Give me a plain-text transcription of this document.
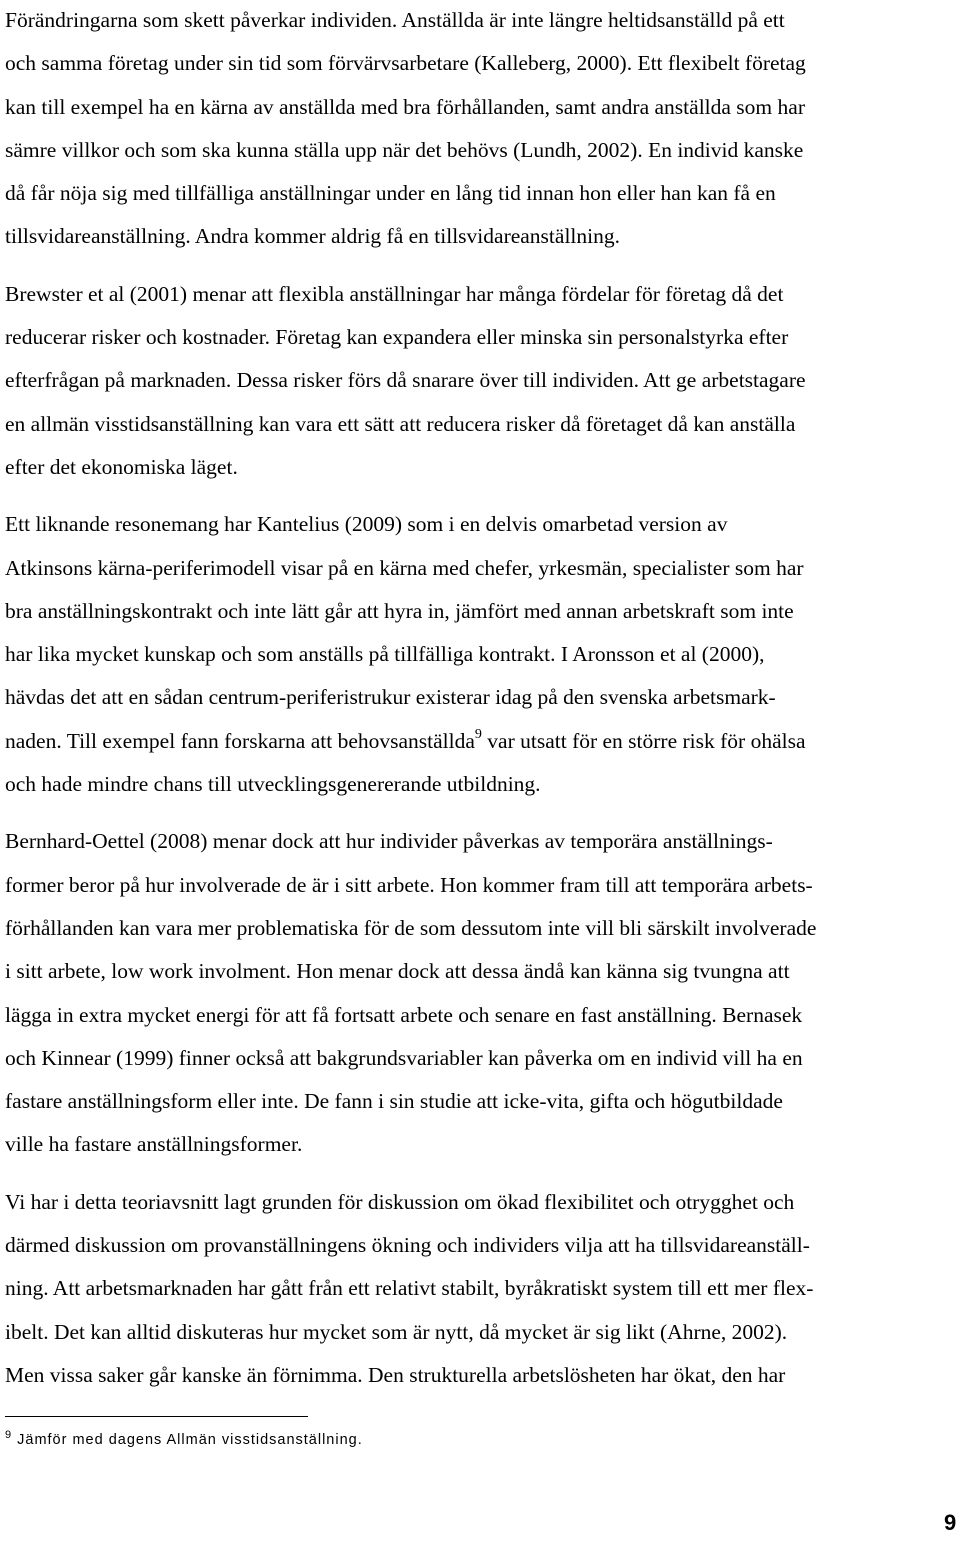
Förändringarna som skett påverkar individen. Anställda är inte längre heltidsanställd på ett
och samma företag under sin tid som förvärvsarbetare (Kalleberg, 2000). Ett flexibelt företag
kan till exempel ha en kärna av anställda med bra förhållanden, samt andra anställda som har
sämre villkor och som ska kunna ställa upp när det behövs (Lundh, 2002). En individ kanske
då får nöja sig med tillfälliga anställningar under en lång tid innan hon eller han kan få en
tillsvidareanställning. Andra kommer aldrig få en tillsvidareanställning.
Brewster et al (2001) menar att flexibla anställningar har många fördelar för företag då det
reducerar risker och kostnader. Företag kan expandera eller minska sin personalstyrka efter
efterfrågan på marknaden. Dessa risker förs då snarare över till individen. Att ge arbetstagare
en allmän visstidsanställning kan vara ett sätt att reducera risker då företaget då kan anställa
efter det ekonomiska läget.
Ett liknande resonemang har Kantelius (2009) som i en delvis omarbetad version av
Atkinsons kärna-periferimodell visar på en kärna med chefer, yrkesmän, specialister som har
bra anställningskontrakt och inte lätt går att hyra in, jämfört med annan arbetskraft som inte
har lika mycket kunskap och som anställs på tillfälliga kontrakt. I Aronsson et al (2000),
hävdas det att en sådan centrum-periferistrukur existerar idag på den svenska arbetsmark-
naden. Till exempel fann forskarna att behovsanställda$^9$ var utsatt för en större risk för ohälsa
och hade mindre chans till utvecklingsgenererande utbildning.
Bernhard-Oettel (2008) menar dock att hur individer påverkas av temporära anställnings-
former beror på hur involverade de är i sitt arbete. Hon kommer fram till att temporära arbets-
förhållanden kan vara mer problematiska för de som dessutom inte vill bli särskilt involverade
i sitt arbete, low work involment. Hon menar dock att dessa ändå kan känna sig tvungna att
lägga in extra mycket energi för att få fortsatt arbete och senare en fast anställning. Bernasek
och Kinnear (1999) finner också att bakgrundsvariabler kan påverka om en individ vill ha en
fastare anställningsform eller inte. De fann i sin studie att icke-vita, gifta och högutbildade
ville ha fastare anställningsformer.
Vi har i detta teoriavsnitt lagt grunden för diskussion om ökad flexibilitet och otrygghet och
därmed diskussion om provanställningens ökning och individers vilja att ha tillsvidareanställ-
ning. Att arbetsmarknaden har gått från ett relativt stabilt, byråkratiskt system till ett mer flex-
ibelt. Det kan alltid diskuteras hur mycket som är nytt, då mycket är sig likt (Ahrne, 2002).
Men vissa saker går kanske än förnimma. Den strukturella arbetslösheten har ökat, den har
$^9$ Jämför med dagens Allmän visstidsanställning.
9
